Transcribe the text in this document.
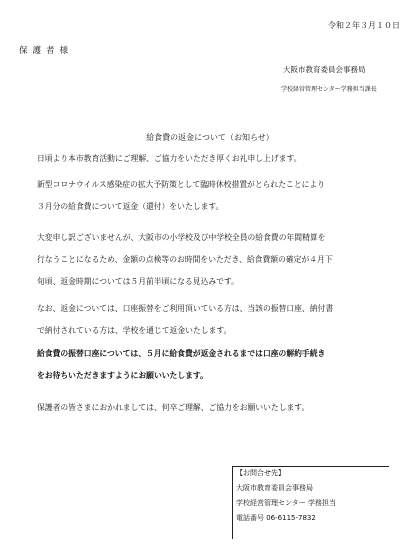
令和２年３月１０日
保護者様
大阪市教育委員会事務局
学校経営管理センター学務担当課長
給食費の返金について（お知らせ）
日頃より本市教育活動にご理解、ご協力をいただき厚くお礼申し上げます。
新型コロナウイルス感染症の拡大予防策として臨時休校措置がとられたことにより
３月分の給食費について返金（還付）をいたします。
大変申し訳ございませんが、大阪市の小学校及び中学校全員の給食費の年間精算を
行なうことになるため、金額の点検等のお時間をいただき、給食費額の確定が４月下
旬頃、返金時期については５月前半頃になる見込みです。
なお、返金については、口座振替をご利用頂いている方は、当該の振替口座、納付書
で納付されている方は、学校を通じて返金いたします。
給食費の振替口座については、５月に給食費が返金されるまでは口座の解約手続き
をお待ちいただきますようにお願いいたします。
保護者の皆さまにおかれましては、何卒ご理解、ご協力をお願いいたします。
【お問合せ先】
大阪市教育委員会事務局
学校経営管理センター 学務担当
電話番号 06-6115-7832
